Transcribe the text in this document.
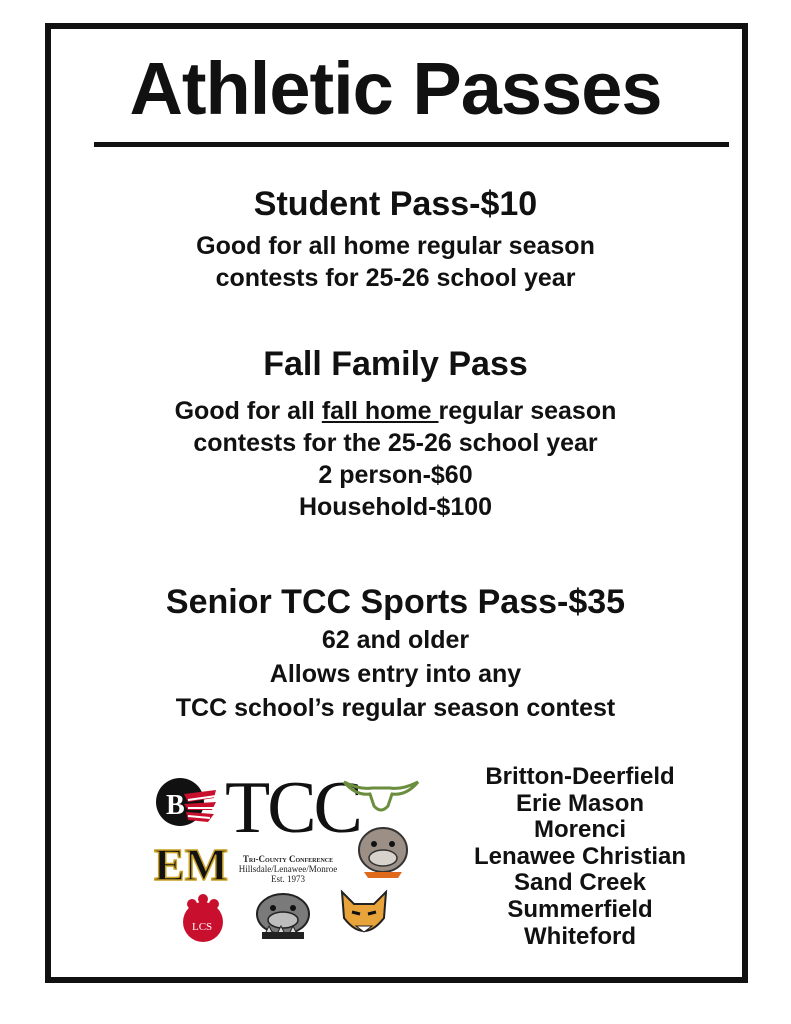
Athletic Passes
Student Pass-$10
Good for all home regular season
contests for 25-26 school year
Fall Family Pass
Good for all fall home regular season
contests for the 25-26 school year
2 person-$60
Household-$100
Senior TCC Sports Pass-$35
62 and older
Allows entry into any
TCC school’s regular season contest
B
EM
LCS
TCC
Tri-County Conference
Hillsdale/Lenawee/Monroe
Est. 1973
Britton-Deerfield
Erie Mason
Morenci
Lenawee Christian
Sand Creek
Summerfield
Whiteford
